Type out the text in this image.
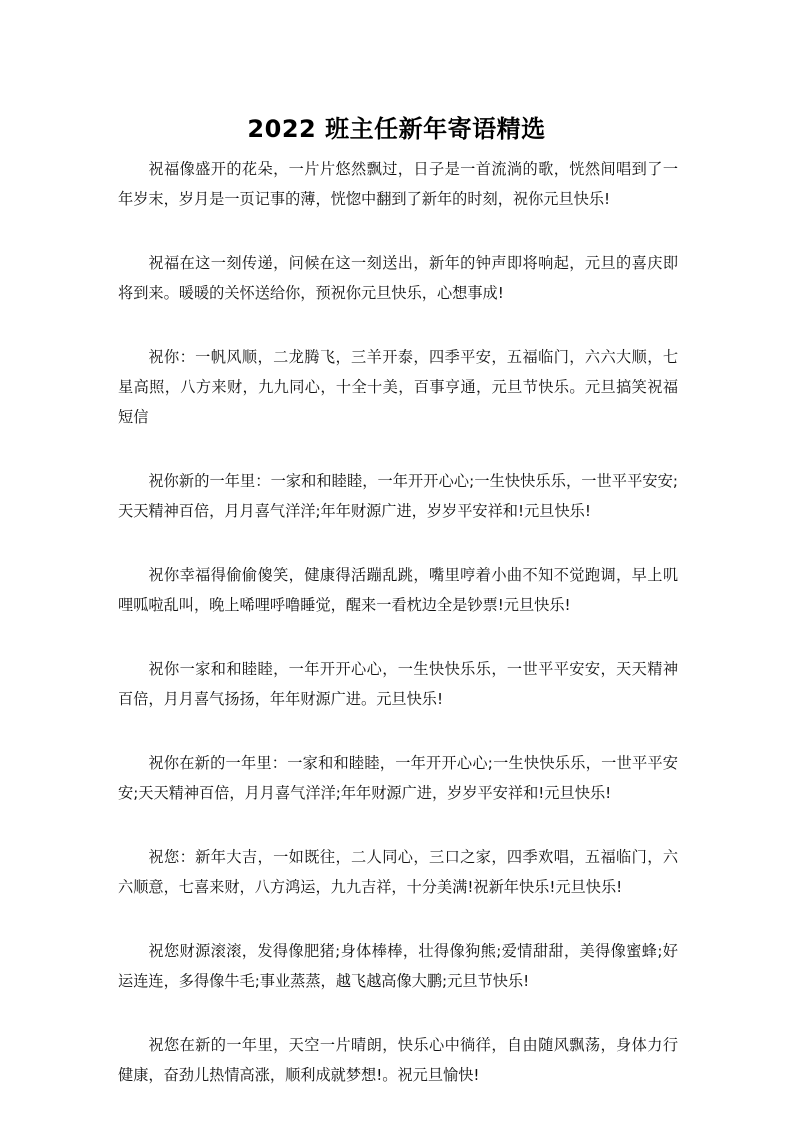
2022 班主任新年寄语精选

祝福像盛开的花朵，一片片悠然飘过，日子是一首流淌的歌，恍然间唱到了一年岁末，岁月是一页记事的薄，恍惚中翻到了新年的时刻，祝你元旦快乐!

祝福在这一刻传递，问候在这一刻送出，新年的钟声即将响起，元旦的喜庆即将到来。暖暖的关怀送给你，预祝你元旦快乐，心想事成!

祝你：一帆风顺，二龙腾飞，三羊开泰，四季平安，五福临门，六六大顺，七星高照，八方来财，九九同心，十全十美，百事亨通，元旦节快乐。元旦搞笑祝福短信

祝你新的一年里：一家和和睦睦，一年开开心心;一生快快乐乐，一世平平安安;天天精神百倍，月月喜气洋洋;年年财源广进，岁岁平安祥和!元旦快乐!

祝你幸福得偷偷傻笑，健康得活蹦乱跳，嘴里哼着小曲不知不觉跑调，早上叽哩呱啦乱叫，晚上唏哩呼噜睡觉，醒来一看枕边全是钞票!元旦快乐!

祝你一家和和睦睦，一年开开心心，一生快快乐乐，一世平平安安，天天精神百倍，月月喜气扬扬，年年财源广进。元旦快乐!

祝你在新的一年里：一家和和睦睦，一年开开心心;一生快快乐乐，一世平平安安;天天精神百倍，月月喜气洋洋;年年财源广进，岁岁平安祥和!元旦快乐!

祝您：新年大吉，一如既往，二人同心，三口之家，四季欢唱，五福临门，六六顺意，七喜来财，八方鸿运，九九吉祥，十分美满!祝新年快乐!元旦快乐!

祝您财源滚滚，发得像肥猪;身体棒棒，壮得像狗熊;爱情甜甜，美得像蜜蜂;好运连连，多得像牛毛;事业蒸蒸，越飞越高像大鹏;元旦节快乐!

祝您在新的一年里，天空一片晴朗，快乐心中徜徉，自由随风飘荡，身体力行健康，奋劲儿热情高涨，顺利成就梦想!。祝元旦愉快!
